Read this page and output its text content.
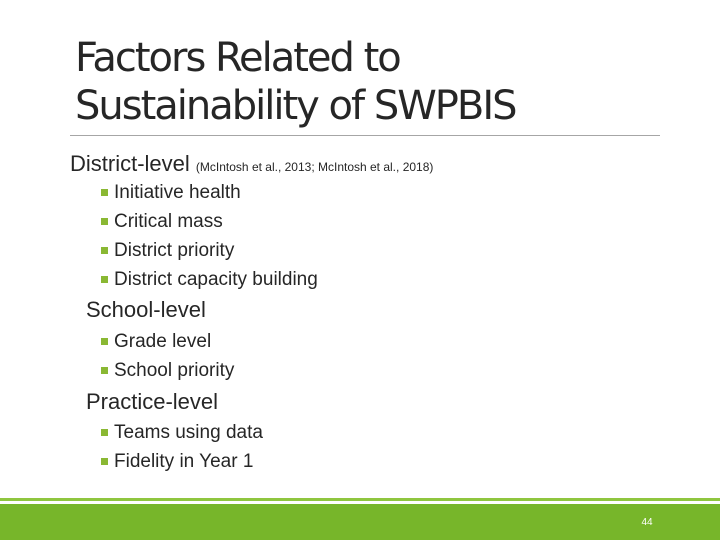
Factors Related to
Sustainability of SWPBIS
District-level (McIntosh et al., 2013; McIntosh et al., 2018)
Initiative health
Critical mass
District priority
District capacity building
School-level
Grade level
School priority
Practice-level
Teams using data
Fidelity in Year 1
44
